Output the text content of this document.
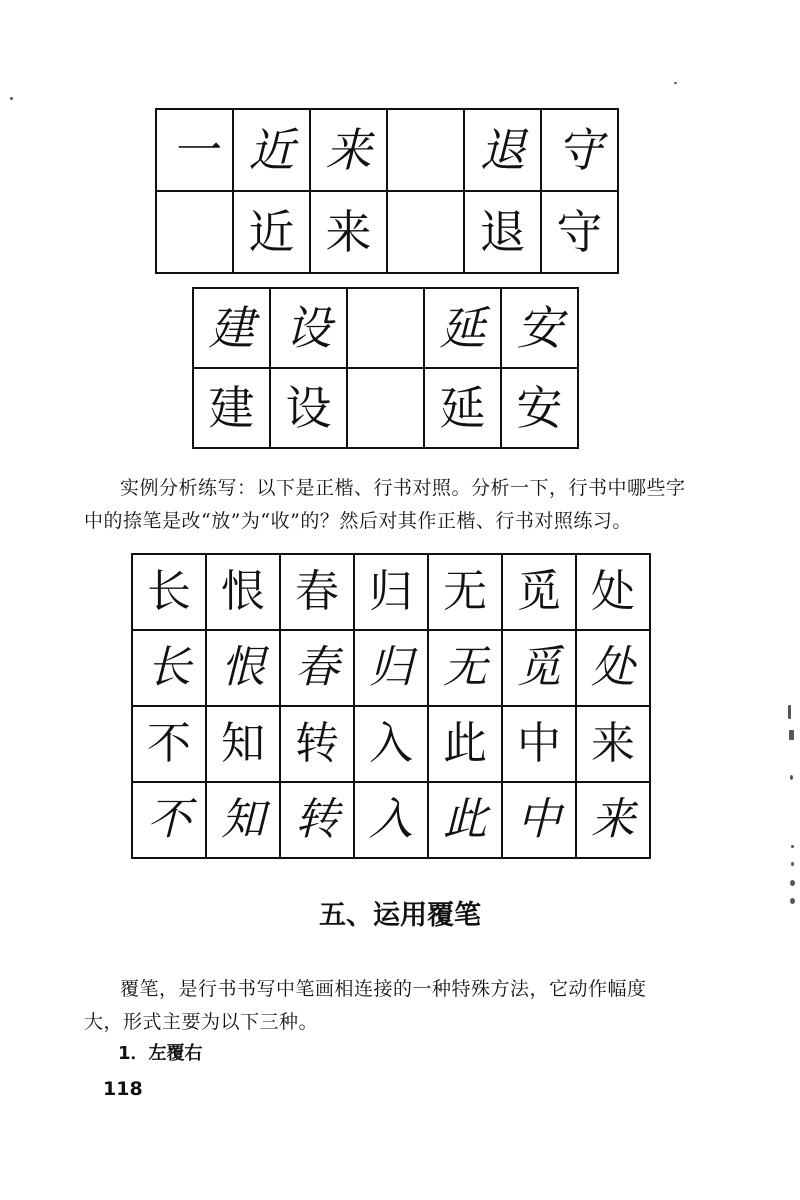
一	近	来		退	守
	近	来		退	守
建	设		延	安
建	设		延	安
实例分析练写：以下是正楷、行书对照。分析一下，行书中哪些字
中的捺笔是改“放”为“收”的？然后对其作正楷、行书对照练习。
长	恨	春	归	无	觅	处
长	恨	春	归	无	觅	处
不	知	转	入	此	中	来
不	知	转	入	此	中	来
五、运用覆笔
覆笔，是行书书写中笔画相连接的一种特殊方法，它动作幅度
大，形式主要为以下三种。
1．左覆右
118
